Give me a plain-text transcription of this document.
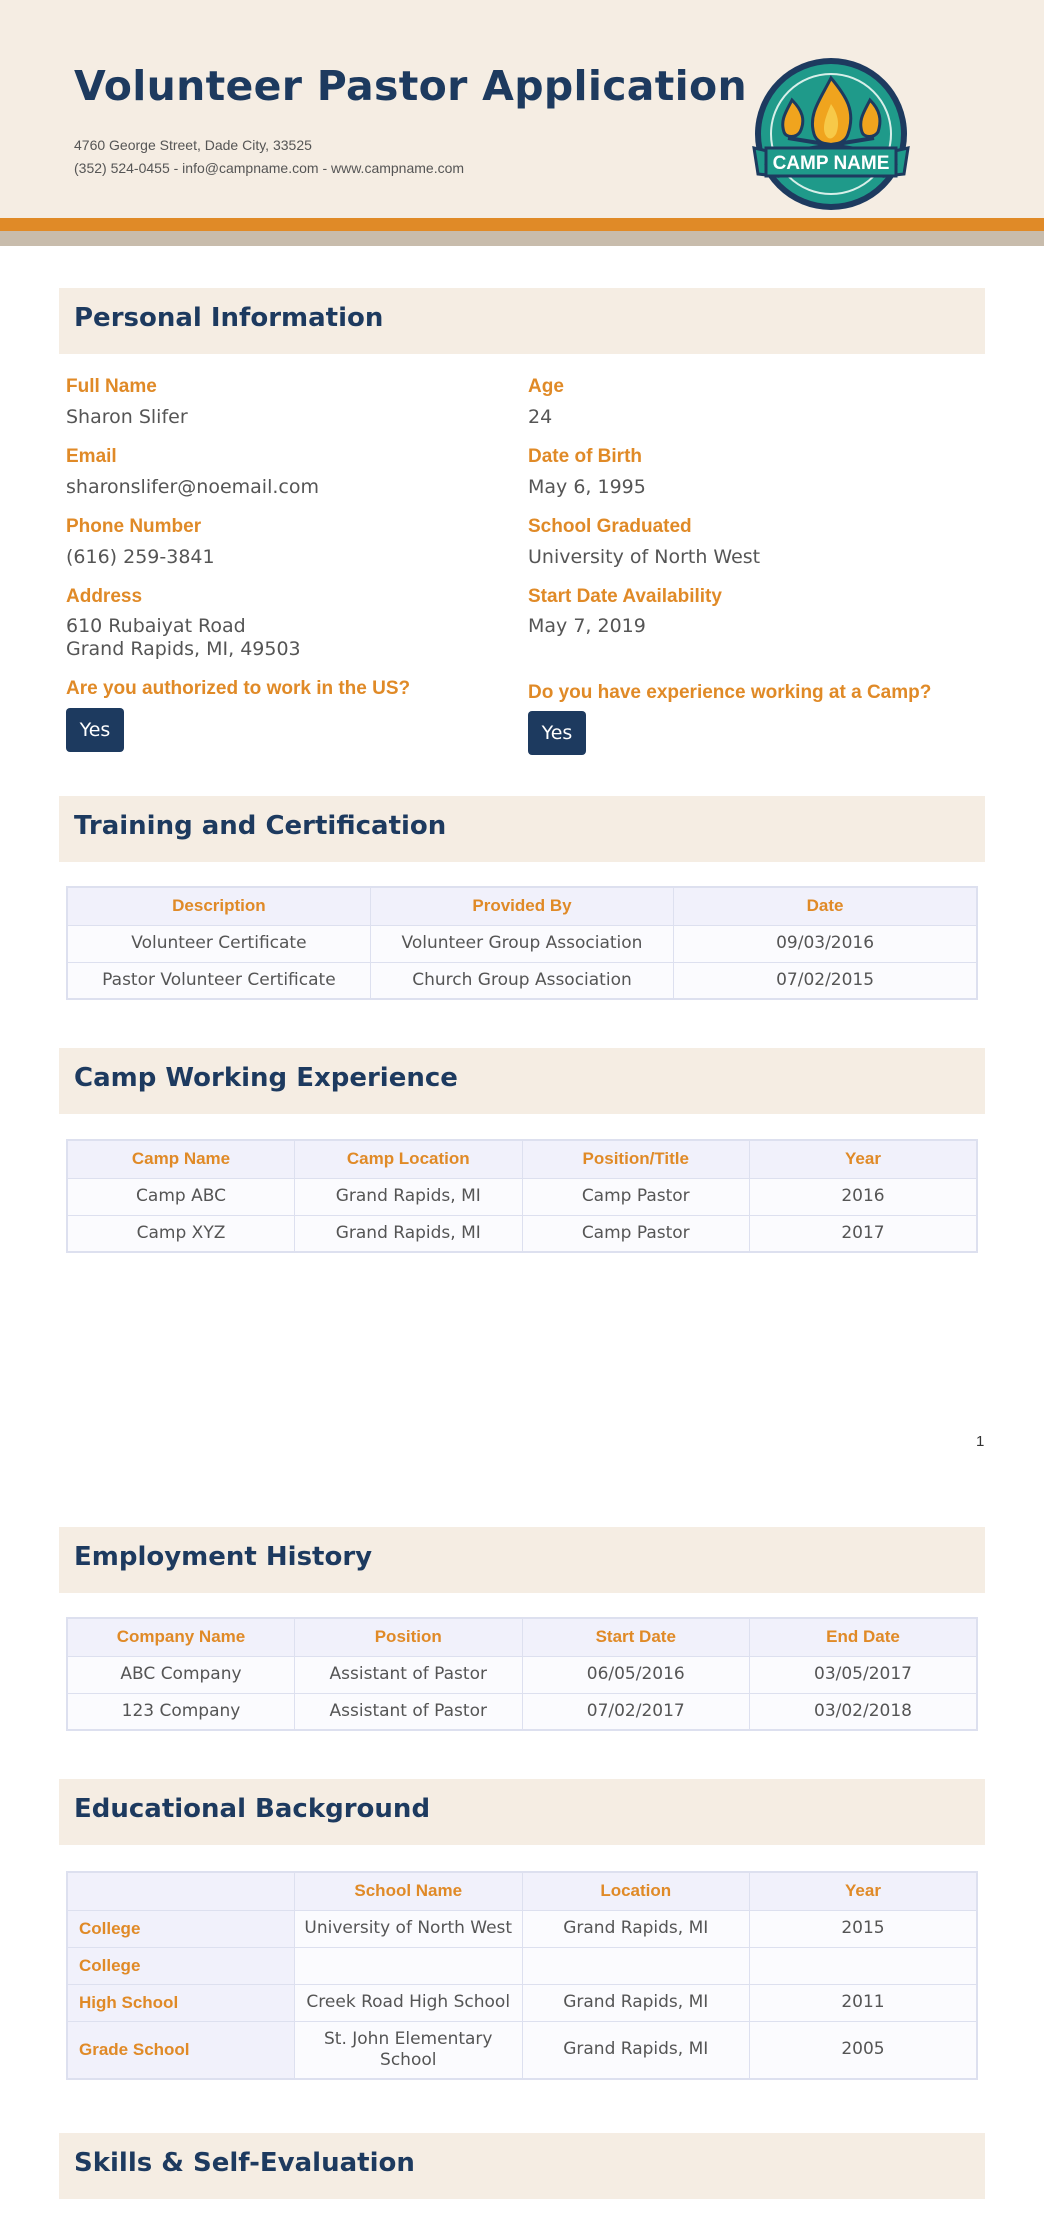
Volunteer Pastor Application
4760 George Street, Dade City, 33525
(352) 524-0455 - info@campname.com - www.campname.com	CAMP NAME
Personal Information
Full Name
Sharon Slifer
Email
sharonslifer@noemail.com
Phone Number
(616) 259-3841
Address
610 Rubaiyat Road
Grand Rapids, MI, 49503
Are you authorized to work in the US?
Yes
Age
24
Date of Birth
May 6, 1995
School Graduated
University of North West
Start Date Availability
May 7, 2019
Do you have experience working at a Camp?
Yes
Training and Certification
Description	Provided By	Date
Volunteer Certificate	Volunteer Group Association	09/03/2016
Pastor Volunteer Certificate	Church Group Association	07/02/2015
Camp Working Experience
Camp Name	Camp Location	Position/Title	Year
Camp ABC	Grand Rapids, MI	Camp Pastor	2016
Camp XYZ	Grand Rapids, MI	Camp Pastor	2017
1
Employment History
Company Name	Position	Start Date	End Date
ABC Company	Assistant of Pastor	06/05/2016	03/05/2017
123 Company	Assistant of Pastor	07/02/2017	03/02/2018
Educational Background
	School Name	Location	Year
College	University of North West	Grand Rapids, MI	2015
College			
High School	Creek Road High School	Grand Rapids, MI	2011
Grade School	St. John Elementary School	Grand Rapids, MI	2005
Skills & Self-Evaluation
